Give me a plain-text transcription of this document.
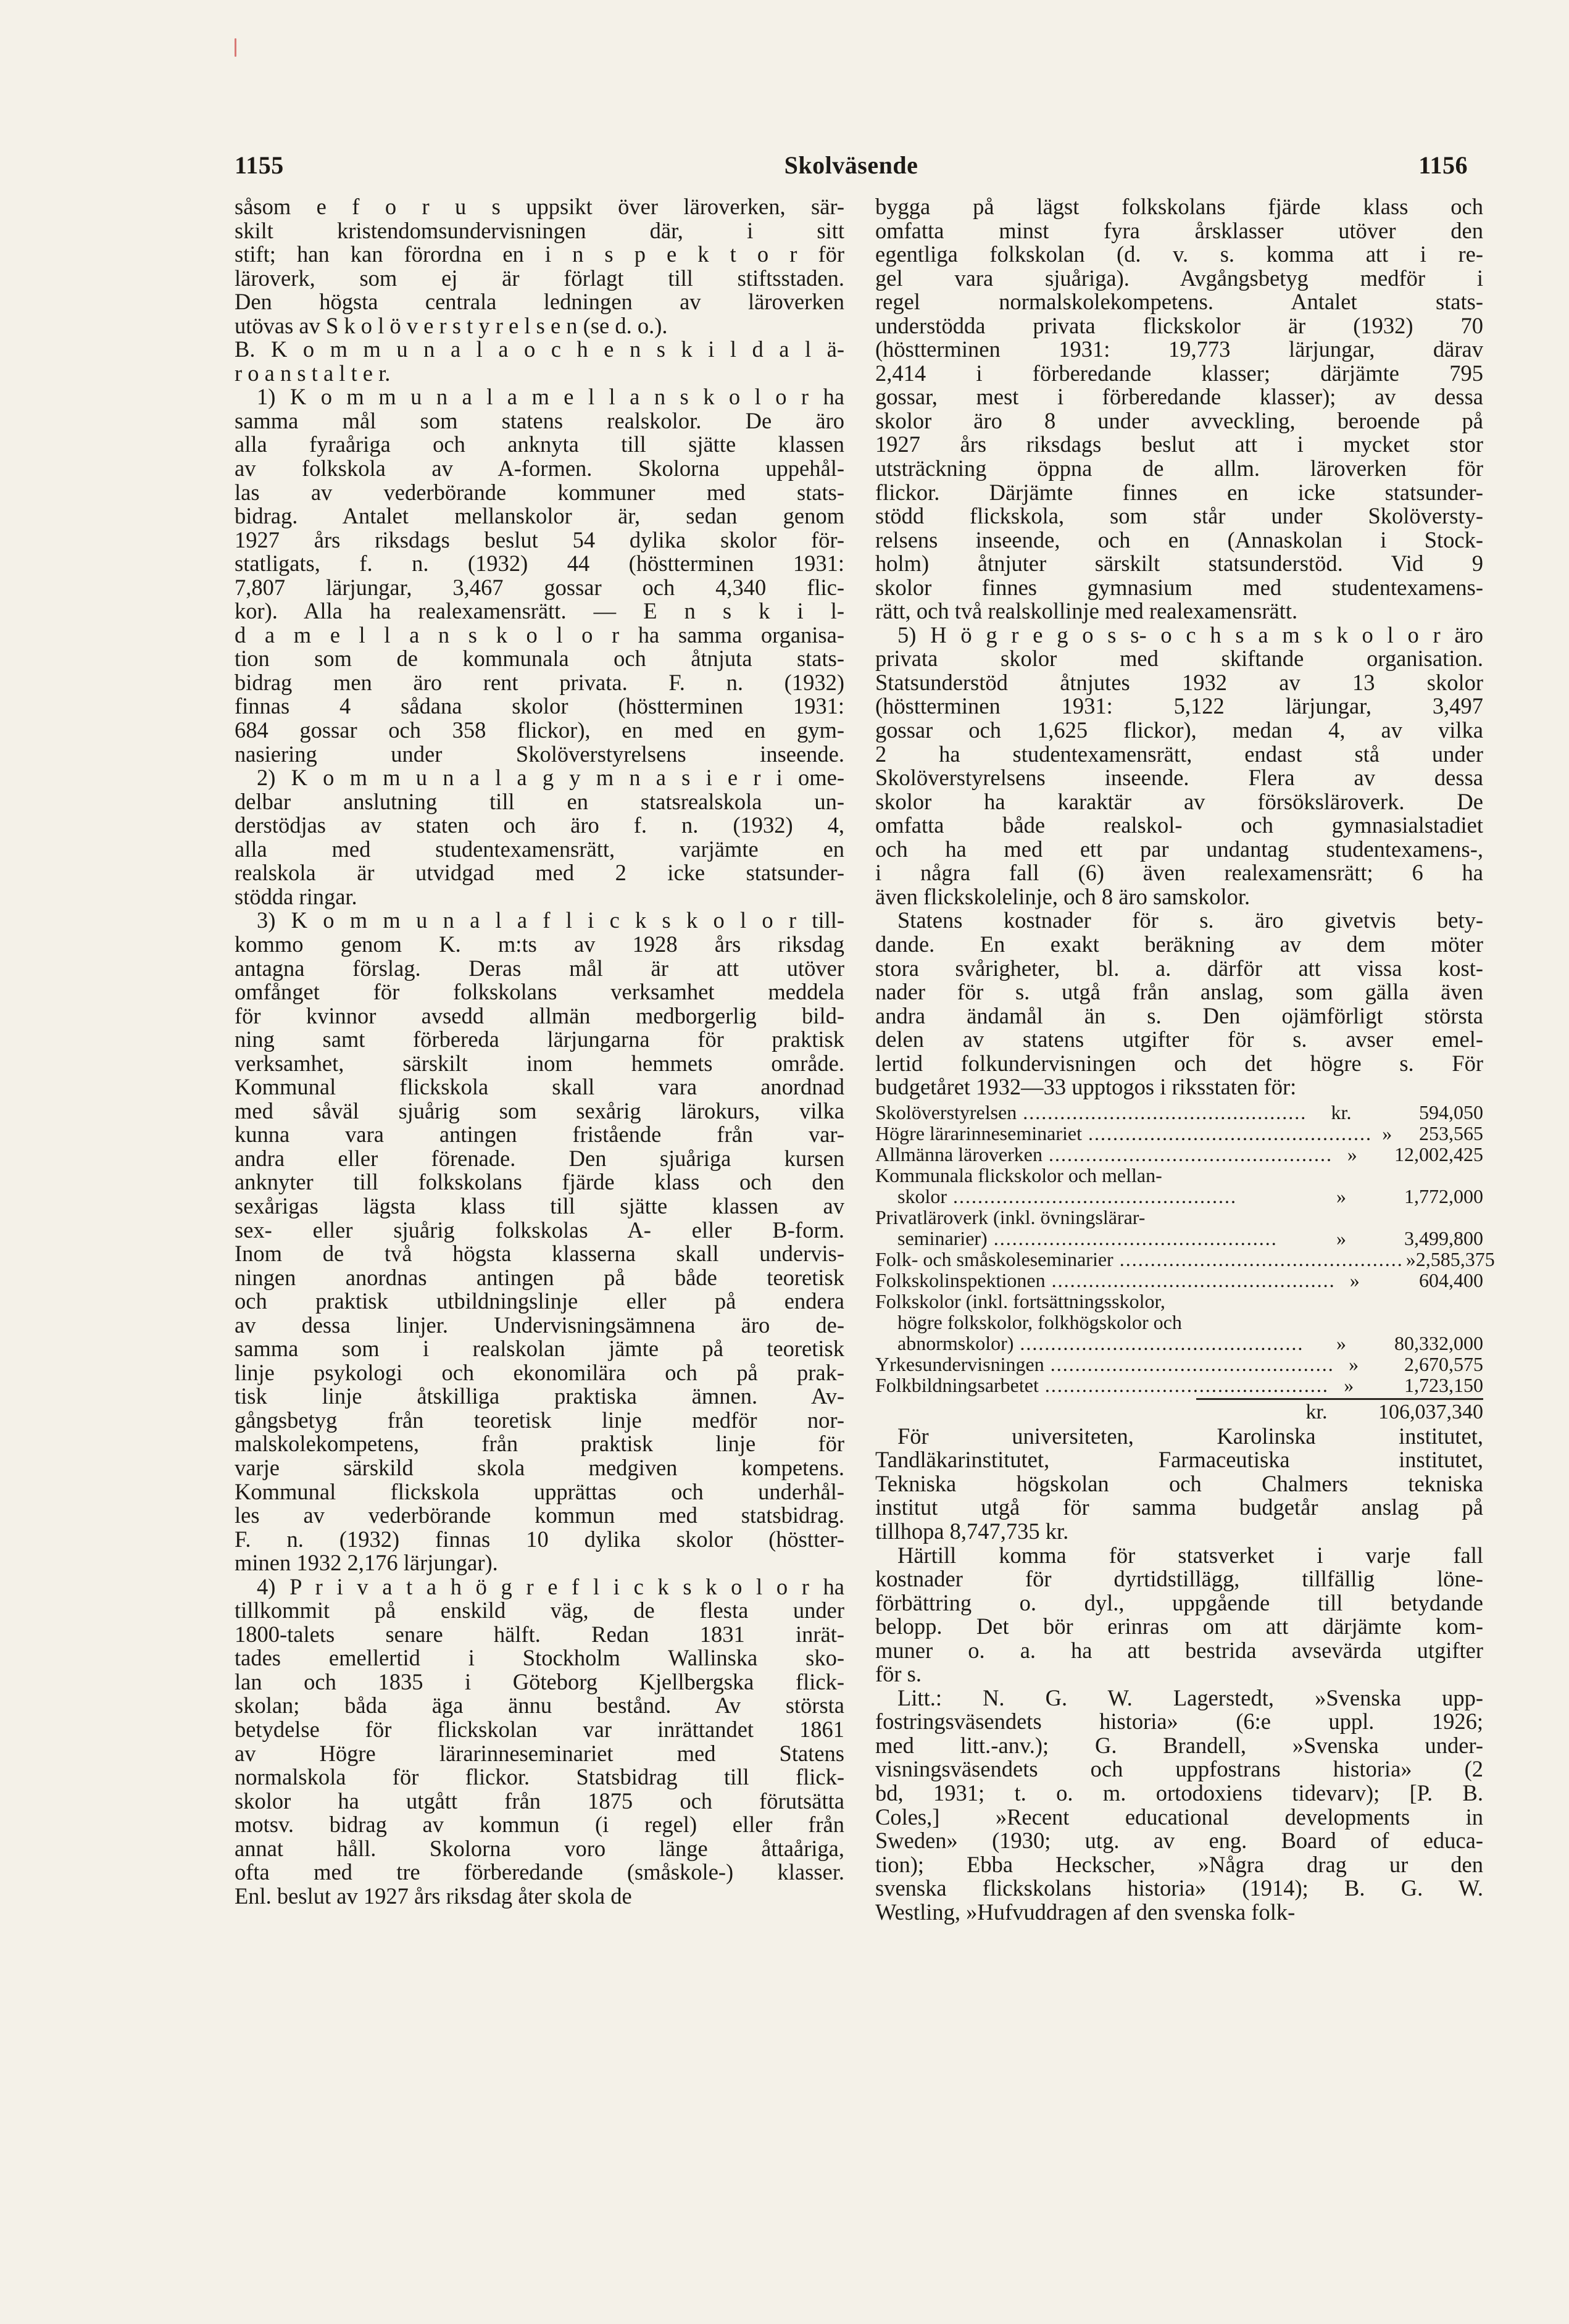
1155	Skolväsende	1156
såsom e f o r u s uppsikt över läroverken, sär-
skilt kristendomsundervisningen där, i sitt
stift; han kan förordna en i n s p e k t o r för
läroverk, som ej är förlagt till stiftsstaden.
Den högsta centrala ledningen av läroverken
utövas av S k o l ö v e r s t y r e l s e n (se d. o.).
B. K o m m u n a l a o c h e n s k i l d a l ä-
r o a n s t a l t e r.
1) K o m m u n a l a m e l l a n s k o l o r ha
samma mål som statens realskolor. De äro
alla fyraåriga och anknyta till sjätte klassen
av folkskola av A-formen. Skolorna uppehål-
las av vederbörande kommuner med stats-
bidrag. Antalet mellanskolor är, sedan genom
1927 års riksdags beslut 54 dylika skolor för-
statligats, f. n. (1932) 44 (höstterminen 1931:
7,807 lärjungar, 3,467 gossar och 4,340 flic-
kor). Alla ha realexamensrätt. — E n s k i l-
d a m e l l a n s k o l o r ha samma organisa-
tion som de kommunala och åtnjuta stats-
bidrag men äro rent privata. F. n. (1932)
finnas 4 sådana skolor (höstterminen 1931:
684 gossar och 358 flickor), en med en gym-
nasiering under Skolöverstyrelsens inseende.
2) K o m m u n a l a g y m n a s i e r i ome-
delbar anslutning till en statsrealskola un-
derstödjas av staten och äro f. n. (1932) 4,
alla med studentexamensrätt, varjämte en
realskola är utvidgad med 2 icke statsunder-
stödda ringar.
3) K o m m u n a l a f l i c k s k o l o r till-
kommo genom K. m:ts av 1928 års riksdag
antagna förslag. Deras mål är att utöver
omfånget för folkskolans verksamhet meddela
för kvinnor avsedd allmän medborgerlig bild-
ning samt förbereda lärjungarna för praktisk
verksamhet, särskilt inom hemmets område.
Kommunal flickskola skall vara anordnad
med såväl sjuårig som sexårig lärokurs, vilka
kunna vara antingen fristående från var-
andra eller förenade. Den sjuåriga kursen
anknyter till folkskolans fjärde klass och den
sexårigas lägsta klass till sjätte klassen av
sex- eller sjuårig folkskolas A- eller B-form.
Inom de två högsta klasserna skall undervis-
ningen anordnas antingen på både teoretisk
och praktisk utbildningslinje eller på endera
av dessa linjer. Undervisningsämnena äro de-
samma som i realskolan jämte på teoretisk
linje psykologi och ekonomilära och på prak-
tisk linje åtskilliga praktiska ämnen. Av-
gångsbetyg från teoretisk linje medför nor-
malskolekompetens, från praktisk linje för
varje särskild skola medgiven kompetens.
Kommunal flickskola upprättas och underhål-
les av vederbörande kommun med statsbidrag.
F. n. (1932) finnas 10 dylika skolor (höstter-
minen 1932 2,176 lärjungar).
4) P r i v a t a h ö g r e f l i c k s k o l o r ha
tillkommit på enskild väg, de flesta under
1800-talets senare hälft. Redan 1831 inrät-
tades emellertid i Stockholm Wallinska sko-
lan och 1835 i Göteborg Kjellbergska flick-
skolan; båda äga ännu bestånd. Av största
betydelse för flickskolan var inrättandet 1861
av Högre lärarinneseminariet med Statens
normalskola för flickor. Statsbidrag till flick-
skolor ha utgått från 1875 och förutsätta
motsv. bidrag av kommun (i regel) eller från
annat håll. Skolorna voro länge åttaåriga,
ofta med tre förberedande (småskole-) klasser.
Enl. beslut av 1927 års riksdag åter skola de
bygga på lägst folkskolans fjärde klass och
omfatta minst fyra årsklasser utöver den
egentliga folkskolan (d. v. s. komma att i re-
gel vara sjuåriga). Avgångsbetyg medför i
regel normalskolekompetens. Antalet stats-
understödda privata flickskolor är (1932) 70
(höstterminen 1931: 19,773 lärjungar, därav
2,414 i förberedande klasser; därjämte 795
gossar, mest i förberedande klasser); av dessa
skolor äro 8 under avveckling, beroende på
1927 års riksdags beslut att i mycket stor
utsträckning öppna de allm. läroverken för
flickor. Därjämte finnes en icke statsunder-
stödd flickskola, som står under Skolöversty-
relsens inseende, och en (Annaskolan i Stock-
holm) åtnjuter särskilt statsunderstöd. Vid 9
skolor finnes gymnasium med studentexamens-
rätt, och två realskollinje med realexamensrätt.
5) H ö g r e g o s s- o c h s a m s k o l o r äro
privata skolor med skiftande organisation.
Statsunderstöd åtnjutes 1932 av 13 skolor
(höstterminen 1931: 5,122 lärjungar, 3,497
gossar och 1,625 flickor), medan 4, av vilka
2 ha studentexamensrätt, endast stå under
Skolöverstyrelsens inseende. Flera av dessa
skolor ha karaktär av försöksläroverk. De
omfatta både realskol- och gymnasialstadiet
och ha med ett par undantag studentexamens-,
i några fall (6) även realexamensrätt; 6 ha
även flickskolelinje, och 8 äro samskolor.
Statens kostnader för s. äro givetvis bety-
dande. En exakt beräkning av dem möter
stora svårigheter, bl. a. därför att vissa kost-
nader för s. utgå från anslag, som gälla även
andra ändamål än s. Den ojämförligt största
delen av statens utgifter för s. avser emel-
lertid folkundervisningen och det högre s. För
budgetåret 1932—33 upptogos i riksstaten för:
Skolöverstyrelsen ..............................................	kr.	594,050
Högre lärarinneseminariet .............................................. »	253,565
Allmänna läroverken .............................................. »	12,002,425
Kommunala flickskolor och mellan-
skolor ..............................................	»	1,772,000
Privatläroverk (inkl. övningslärar-
seminarier) ..............................................	»	3,499,800
Folk- och småskoleseminarier .............................................. » 2,585,375
Folkskolinspektionen .............................................. »	604,400
Folkskolor (inkl. fortsättningsskolor,
högre folkskolor, folkhögskolor och
abnormskolor) ..............................................	»	80,332,000
Yrkesundervisningen .............................................. »	2,670,575
Folkbildningsarbetet .............................................. »	1,723,150
kr.	106,037,340
För universiteten, Karolinska institutet,
Tandläkarinstitutet, Farmaceutiska institutet,
Tekniska högskolan och Chalmers tekniska
institut utgå för samma budgetår anslag på
tillhopa 8,747,735 kr.
Härtill komma för statsverket i varje fall
kostnader för dyrtidstillägg, tillfällig löne-
förbättring o. dyl., uppgående till betydande
belopp. Det bör erinras om att därjämte kom-
muner o. a. ha att bestrida avsevärda utgifter
för s.
Litt.: N. G. W. Lagerstedt, »Svenska upp-
fostringsväsendets historia» (6:e uppl. 1926;
med litt.-anv.); G. Brandell, »Svenska under-
visningsväsendets och uppfostrans historia» (2
bd, 1931; t. o. m. ortodoxiens tidevarv); [P. B.
Coles,] »Recent educational developments in
Sweden» (1930; utg. av eng. Board of educa-
tion); Ebba Heckscher, »Några drag ur den
svenska flickskolans historia» (1914); B. G. W.
Westling, »Hufvuddragen af den svenska folk-
